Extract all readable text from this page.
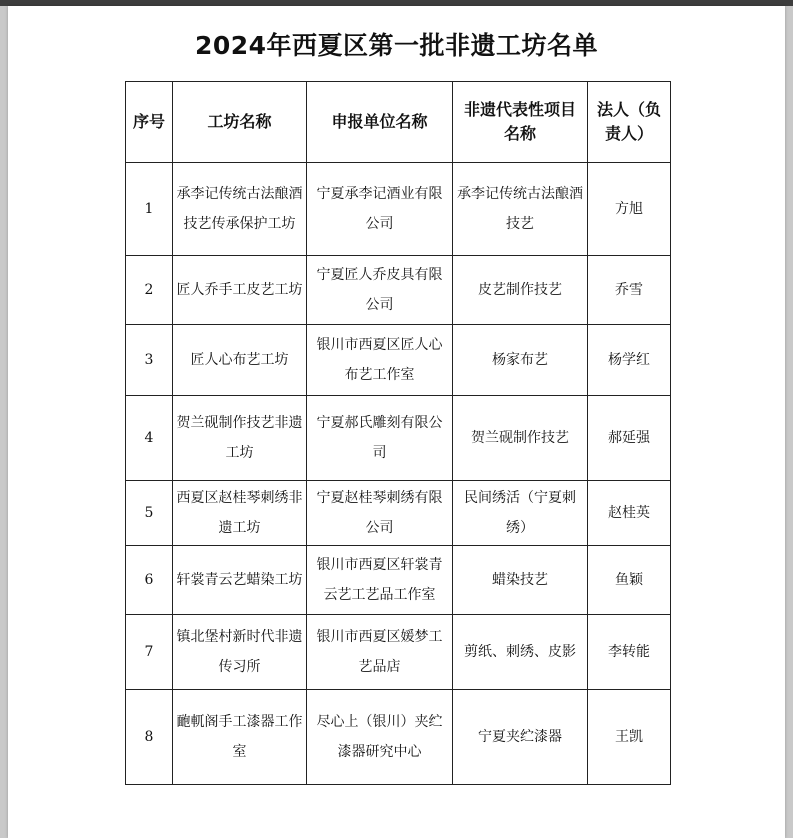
2024年西夏区第一批非遗工坊名单
序号	工坊名称	申报单位名称	非遗代表性项目名称	法人（负责人）
1	承李记传统古法酿酒技艺传承保护工坊	宁夏承李记酒业有限公司	承李记传统古法酿酒技艺	方旭
2	匠人乔手工皮艺工坊	宁夏匠人乔皮具有限公司	皮艺制作技艺	乔雪
3	匠人心布艺工坊	银川市西夏区匠人心布艺工作室	杨家布艺	杨学红
4	贺兰砚制作技艺非遗工坊	宁夏郝氏雕刻有限公司	贺兰砚制作技艺	郝延强
5	西夏区赵桂琴刺绣非遗工坊	宁夏赵桂琴刺绣有限公司	民间绣活（宁夏刺绣）	赵桂英
6	轩裳青云艺蜡染工坊	银川市西夏区轩裳青云艺工艺品工作室	蜡染技艺	鱼颖
7	镇北堡村新时代非遗传习所	银川市西夏区媛梦工艺品店	剪纸、刺绣、皮影	李转能
8	靤軏阁手工漆器工作室	尽心上（银川）夹纻漆器研究中心	宁夏夹纻漆器	王凯
